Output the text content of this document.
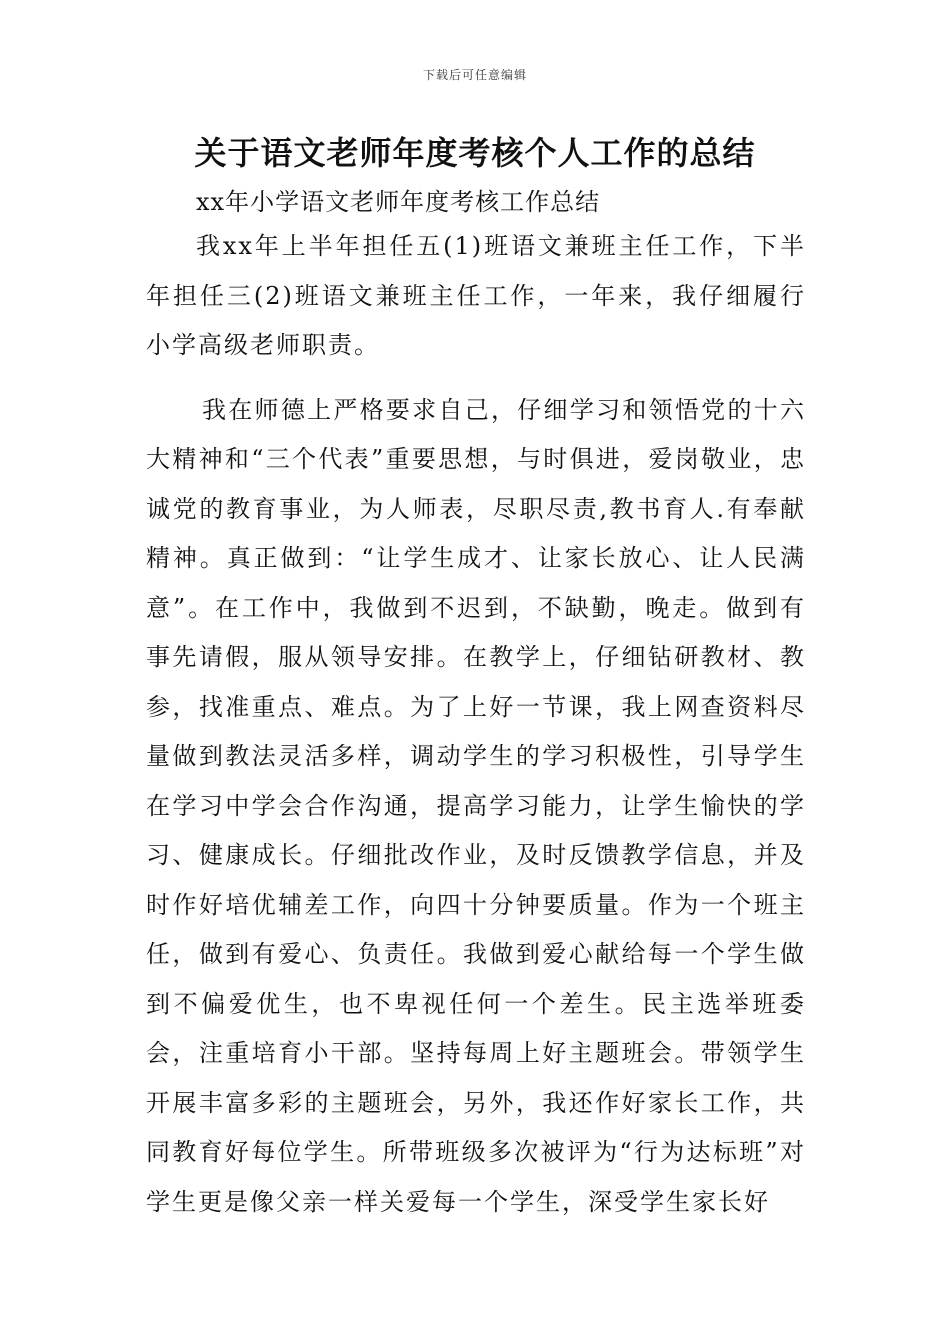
下载后可任意编辑
关于语文老师年度考核个人工作的总结
xx年小学语文老师年度考核工作总结

我xx年上半年担任五(1)班语文兼班主任工作，下半年担任三(2)班语文兼班主任工作，一年来，我仔细履行小学高级老师职责。

我在师德上严格要求自己，仔细学习和领悟党的十六大精神和“三个代表”重要思想，与时俱进，爱岗敬业，忠诚党的教育事业，为人师表，尽职尽责,教书育人.有奉献精神。真正做到：“让学生成才、让家长放心、让人民满意”。在工作中，我做到不迟到，不缺勤，晚走。做到有事先请假，服从领导安排。在教学上，仔细钻研教材、教参，找准重点、难点。为了上好一节课，我上网查资料尽量做到教法灵活多样，调动学生的学习积极性，引导学生在学习中学会合作沟通，提高学习能力，让学生愉快的学习、健康成长。仔细批改作业，及时反馈教学信息，并及时作好培优辅差工作，向四十分钟要质量。作为一个班主任，做到有爱心、负责任。我做到爱心献给每一个学生做到不偏爱优生，也不卑视任何一个差生。民主选举班委会，注重培育小干部。坚持每周上好主题班会。带领学生开展丰富多彩的主题班会，另外，我还作好家长工作，共同教育好每位学生。所带班级多次被评为“行为达标班”对学生更是像父亲一样关爱每一个学生，深受学生家长好
